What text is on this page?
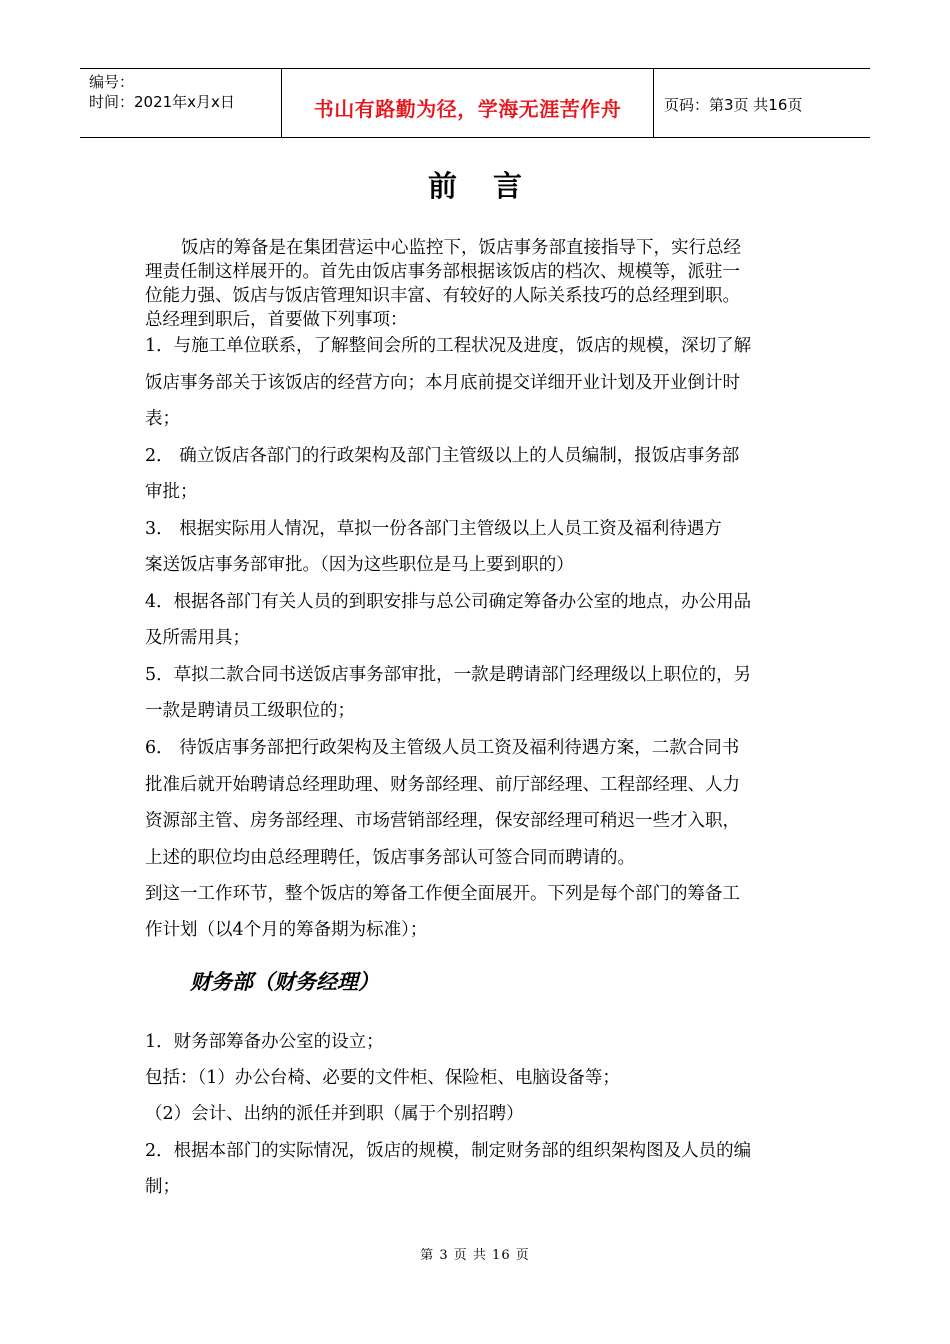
编号：
时间：2021年x月x日	书山有路勤为径，学海无涯苦作舟	页码：第3页 共16页
前言
饭店的筹备是在集团营运中心监控下，饭店事务部直接指导下，实行总经
理责任制这样展开的。首先由饭店事务部根据该饭店的档次、规模等，派驻一
位能力强、饭店与饭店管理知识丰富、有较好的人际关系技巧的总经理到职。
总经理到职后，首要做下列事项：
1．与施工单位联系，了解整间会所的工程状况及进度，饭店的规模，深切了解
饭店事务部关于该饭店的经营方向；本月底前提交详细开业计划及开业倒计时
表；
2． 确立饭店各部门的行政架构及部门主管级以上的人员编制，报饭店事务部
审批；
3． 根据实际用人情况，草拟一份各部门主管级以上人员工资及福利待遇方
案送饭店事务部审批。（因为这些职位是马上要到职的）
4．根据各部门有关人员的到职安排与总公司确定筹备办公室的地点，办公用品
及所需用具；
5．草拟二款合同书送饭店事务部审批，一款是聘请部门经理级以上职位的，另
一款是聘请员工级职位的；
6． 待饭店事务部把行政架构及主管级人员工资及福利待遇方案，二款合同书
批准后就开始聘请总经理助理、财务部经理、前厅部经理、工程部经理、人力
资源部主管、房务部经理、市场营销部经理，保安部经理可稍迟一些才入职，
上述的职位均由总经理聘任，饭店事务部认可签合同而聘请的。
到这一工作环节，整个饭店的筹备工作便全面展开。下列是每个部门的筹备工
作计划（以4个月的筹备期为标准）；
财务部（财务经理）
1．财务部筹备办公室的设立；
包括：（1）办公台椅、必要的文件柜、保险柜、电脑设备等；
（2）会计、出纳的派任并到职（属于个别招聘）
2．根据本部门的实际情况，饭店的规模，制定财务部的组织架构图及人员的编
制；
第 3 页 共 16 页
